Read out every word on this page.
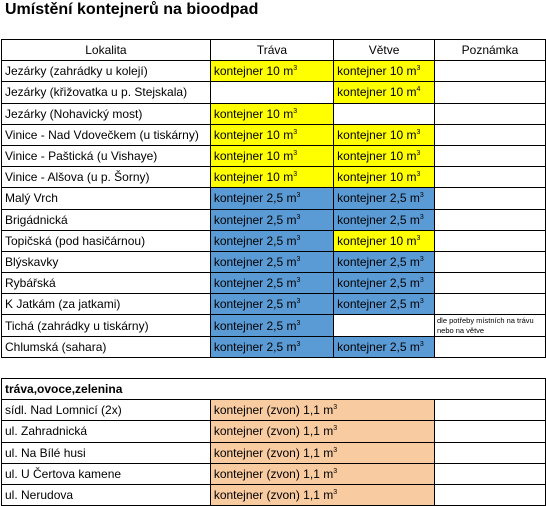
Umístění kontejnerů na bioodpad
Lokalita	Tráva	Větve	Poznámka
Jezárky (zahrádky u kolejí)	kontejner 10 $m^3$	kontejner 10 $m^3$	
Jezárky (křižovatka u p. Stejskala)		kontejner 10 $m^4$	
Jezárky (Nohavický most)	kontejner 10 $m^3$		
Vinice - Nad Vdovečkem (u tiskárny)	kontejner 10 $m^3$	kontejner 10 $m^3$	
Vinice - Paštická (u Vishaye)	kontejner 10 $m^3$	kontejner 10 $m^3$	
Vinice - Alšova (u p. Šorny)	kontejner 10 $m^3$	kontejner 10 $m^3$	
Malý Vrch	kontejner 2,5 $m^3$	kontejner 2,5 $m^3$	
Brigádnická	kontejner 2,5 $m^3$	kontejner 2,5 $m^3$	
Topičská (pod hasičárnou)	kontejner 2,5 $m^3$	kontejner 10 $m^3$	
Blýskavky	kontejner 2,5 $m^3$	kontejner 2,5 $m^3$	
Rybářská	kontejner 2,5 $m^3$	kontejner 2,5 $m^3$	
K Jatkám (za jatkami)	kontejner 2,5 $m^3$	kontejner 2,5 $m^3$	
Tichá (zahrádky u tiskárny)	kontejner 2,5 $m^3$		dle potřeby místních na trávu nebo na větve
Chlumská (sahara)	kontejner 2,5 $m^3$	kontejner 2,5 $m^3$	

tráva,ovoce,zelenina			
sídl. Nad Lomnicí (2x)	kontejner (zvon) 1,1 $m^3$	
ul. Zahradnická	kontejner (zvon) 1,1 $m^3$	
ul. Na Bílé husi	kontejner (zvon) 1,1 $m^3$	
ul. U Čertova kamene	kontejner (zvon) 1,1 $m^3$	
ul. Nerudova	kontejner (zvon) 1,1 $m^3$	
